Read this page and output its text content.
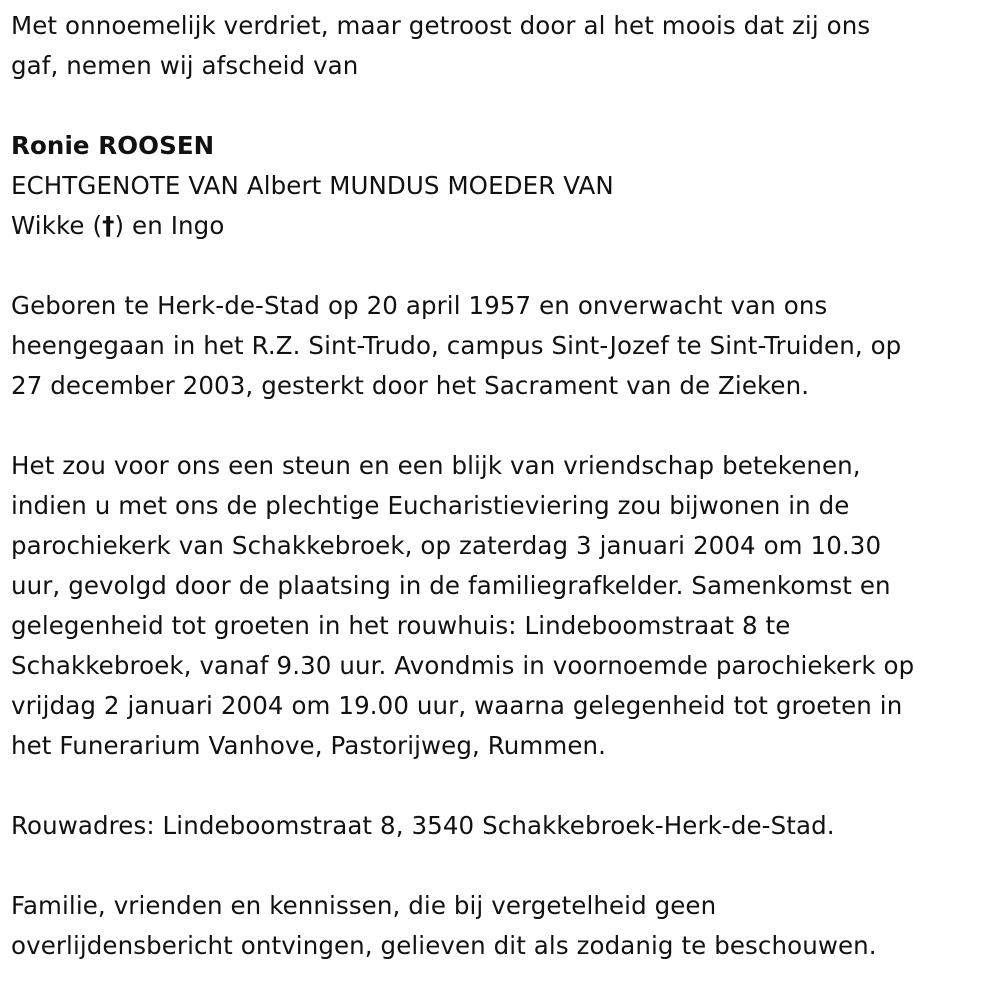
Met onnoemelijk verdriet, maar getroost door al het moois dat zij ons

gaf, nemen wij afscheid van

Ronie ROOSEN

ECHTGENOTE VAN Albert MUNDUS MOEDER VAN

Wikke (†) en Ingo

Geboren te Herk-de-Stad op 20 april 1957 en onverwacht van ons

heengegaan in het R.Z. Sint-Trudo, campus Sint-Jozef te Sint-Truiden, op

27 december 2003, gesterkt door het Sacrament van de Zieken.

Het zou voor ons een steun en een blijk van vriendschap betekenen,

indien u met ons de plechtige Eucharistieviering zou bijwonen in de

parochiekerk van Schakkebroek, op zaterdag 3 januari 2004 om 10.30

uur, gevolgd door de plaatsing in de familiegrafkelder. Samenkomst en

gelegenheid tot groeten in het rouwhuis: Lindeboomstraat 8 te

Schakkebroek, vanaf 9.30 uur. Avondmis in voornoemde parochiekerk op

vrijdag 2 januari 2004 om 19.00 uur, waarna gelegenheid tot groeten in

het Funerarium Vanhove, Pastorijweg, Rummen.

Rouwadres: Lindeboomstraat 8, 3540 Schakkebroek-Herk-de-Stad.

Familie, vrienden en kennissen, die bij vergetelheid geen

overlijdensbericht ontvingen, gelieven dit als zodanig te beschouwen.
